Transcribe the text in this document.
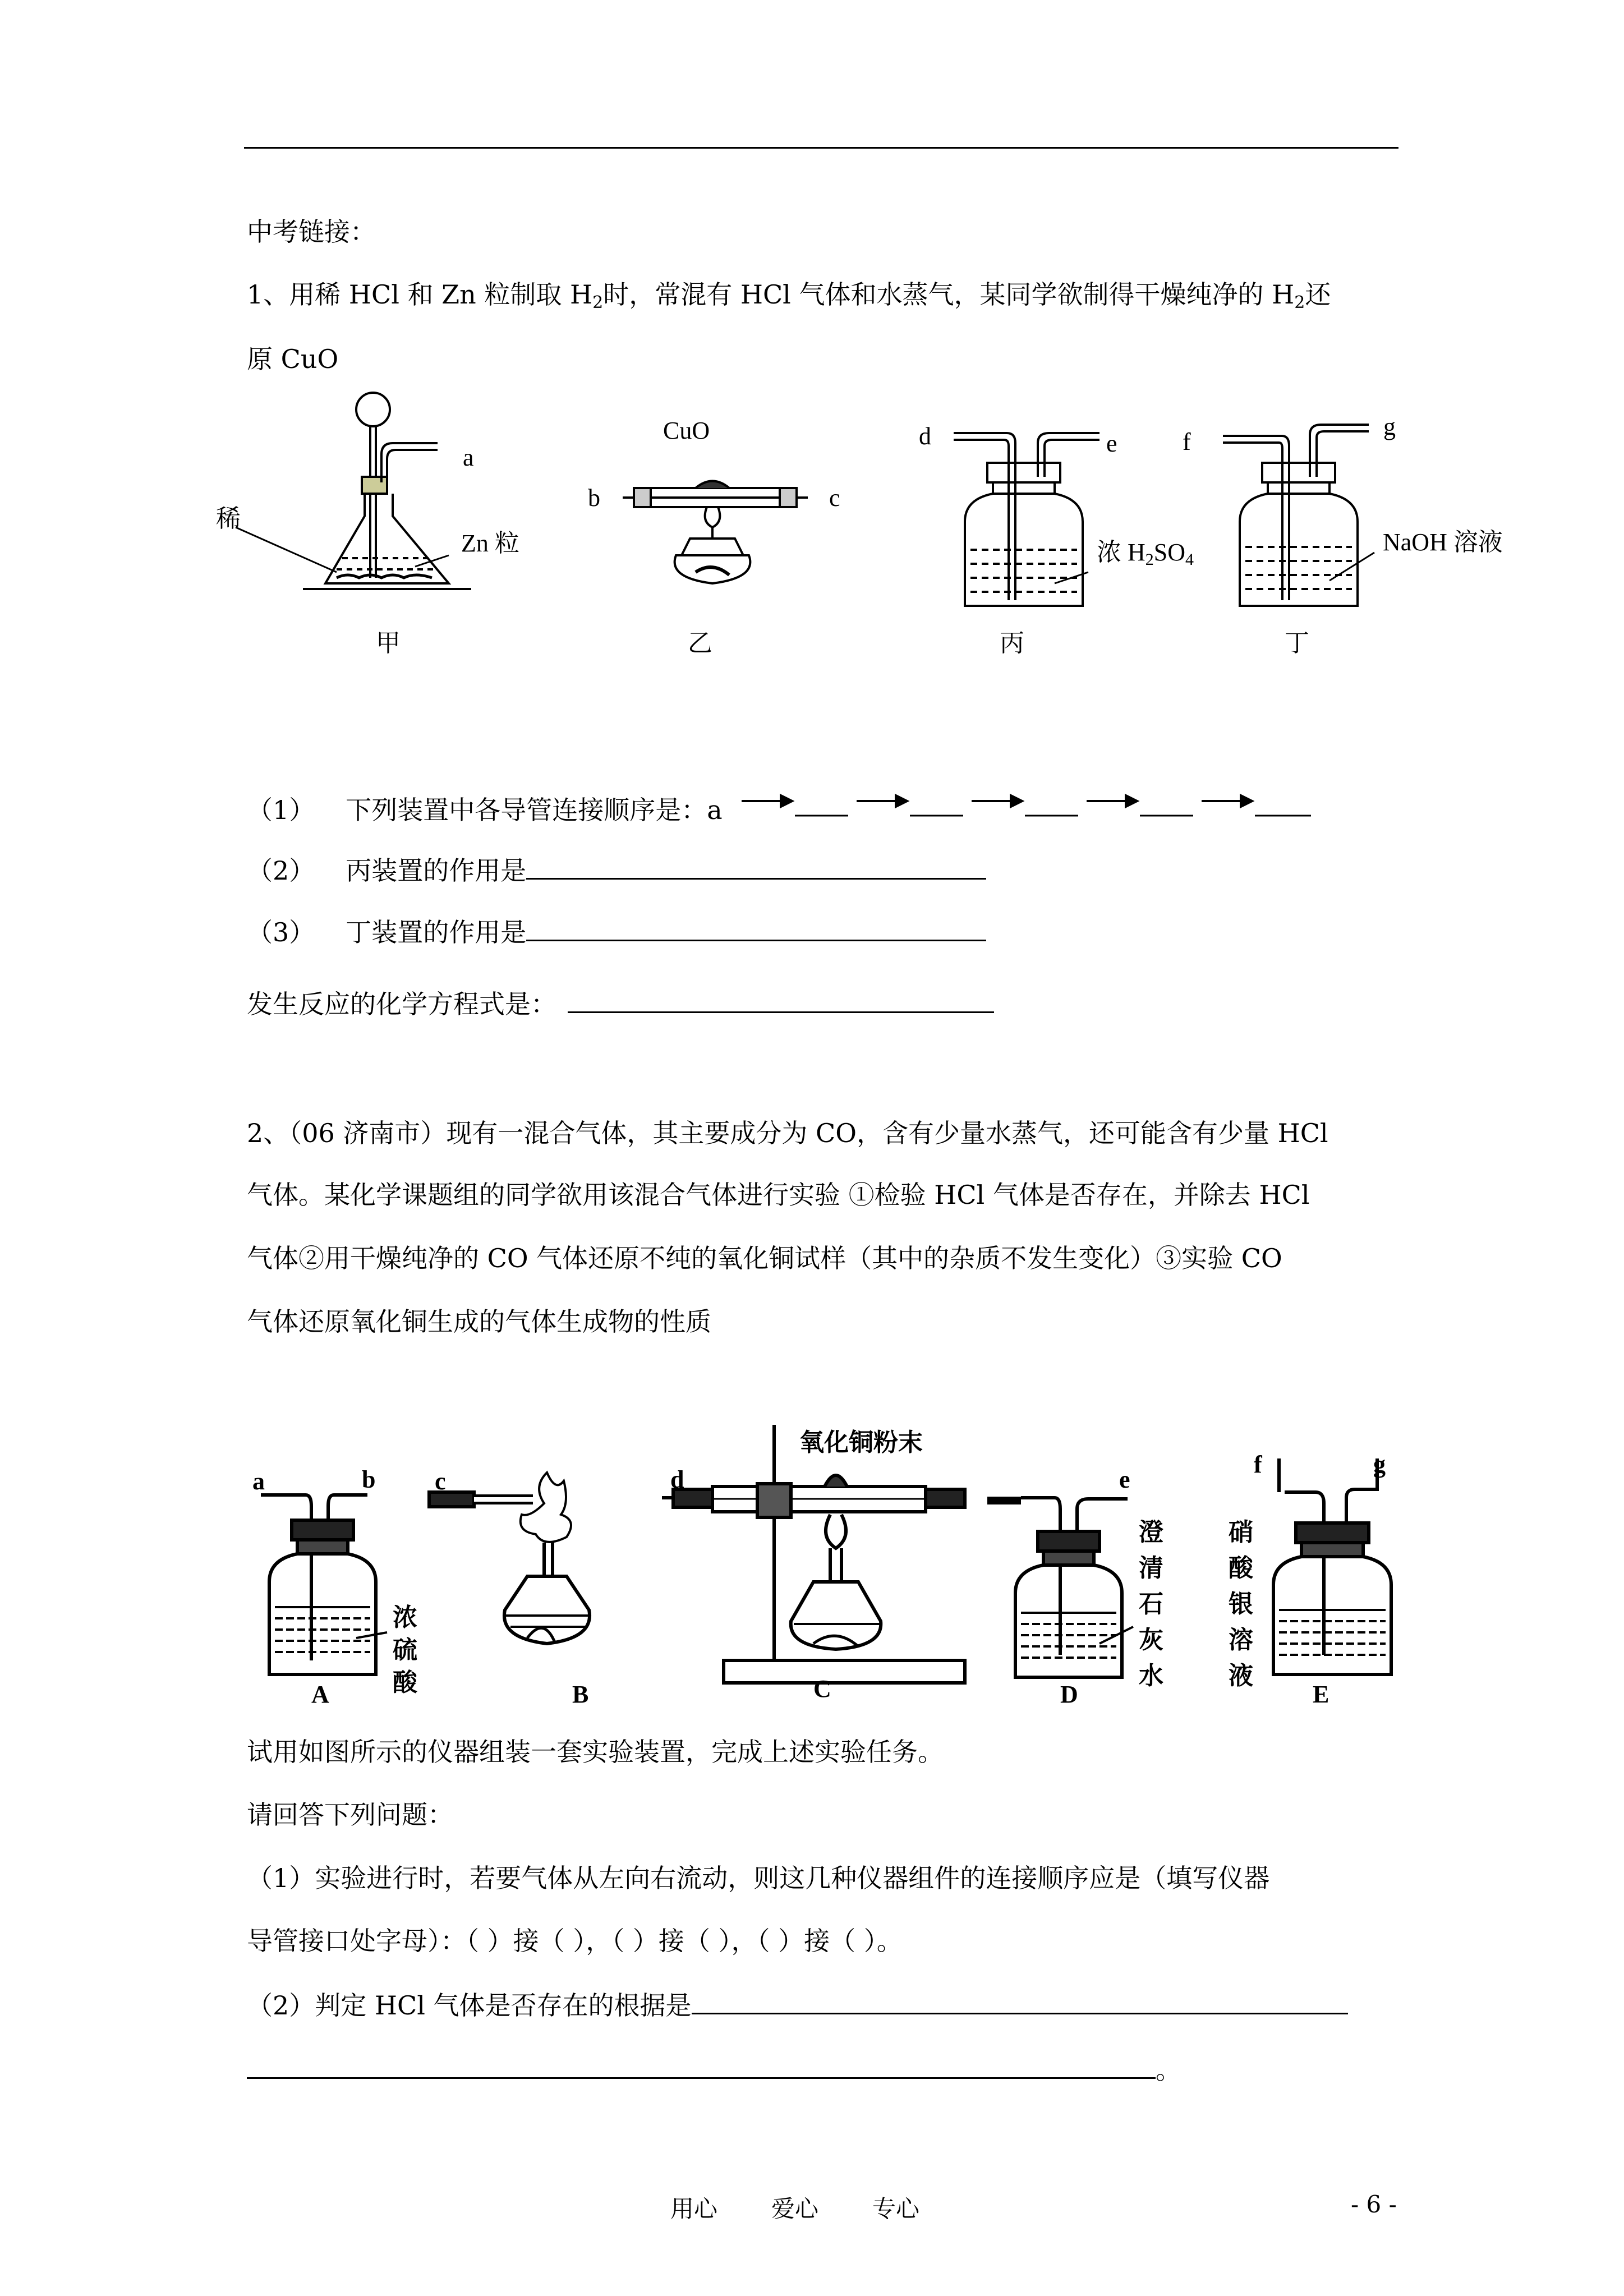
中考链接：
1、用稀 HCl 和 Zn 粒制取 $H_2$时，常混有 HCl 气体和水蒸气，某同学欲制得干燥纯净的 $H_2$还
原 CuO
a
稀
Zn 粒
甲
CuO
b	c
乙
d	e
浓 $H_2SO_4$
丙
f
g
NaOH 溶液
丁
（1） 下列装置中各导管连接顺序是：a
（2） 丙装置的作用是
（3） 丁装置的作用是
发生反应的化学方程式是：
2、（06 济南市）现有一混合气体，其主要成分为 CO，含有少量水蒸气，还可能含有少量 HCl
气体。某化学课题组的同学欲用该混合气体进行实验 ①检验 HCl 气体是否存在，并除去 HCl
气体②用干燥纯净的 CO 气体还原不纯的氧化铜试样（其中的杂质不发生变化）③实验 CO
气体还原氧化铜生成的气体生成物的性质
a	b
A
浓硫酸
c
B
d
氧化铜粉末
e
C	D
澄清石灰水
f	g
E
硝酸银溶液
试用如图所示的仪器组装一套实验装置，完成上述实验任务。
请回答下列问题：
（1）实验进行时，若要气体从左向右流动，则这几种仪器组件的连接顺序应是（填写仪器
导管接口处字母）：（ ）接（ ），（ ）接（ ），（ ）接（ ）。
（2）判定 HCl 气体是否存在的根据是
。
用心 爱心 专心	- 6 -
